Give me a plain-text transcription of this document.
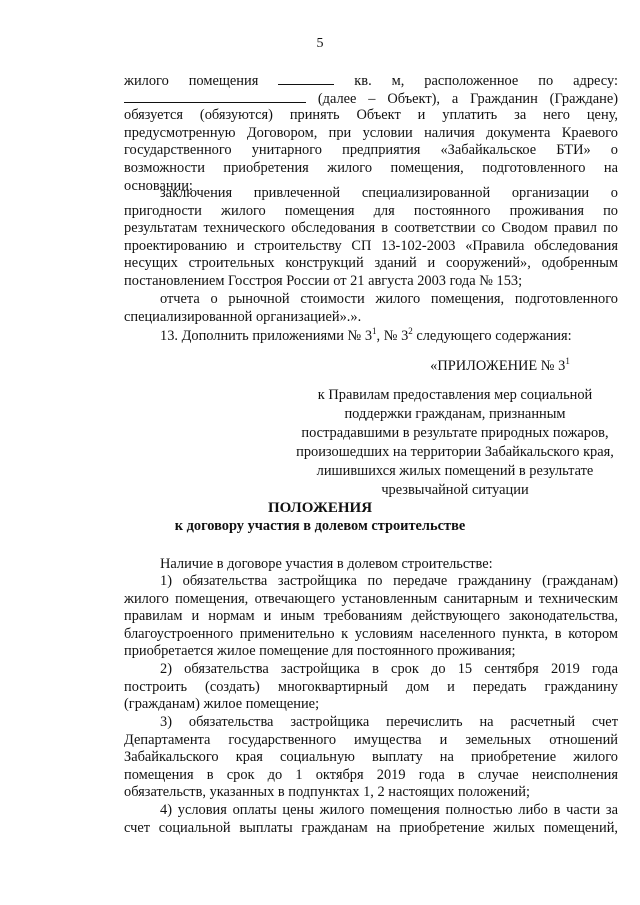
5
жилого помещения	кв. м, расположенное по адресу:
(далее – Объект), а Гражданин (Граждане)
обязуется (обязуются) принять Объект и уплатить за него цену,
предусмотренную Договором, при условии наличия документа Краевого
государственного унитарного предприятия «Забайкальское БТИ» о
возможности приобретения жилого помещения, подготовленного на
основании:
заключения привлеченной специализированной организации о
пригодности жилого помещения для постоянного проживания по
результатам технического обследования в соответствии со Сводом правил по
проектированию и строительству СП 13-102-2003 «Правила обследования
несущих строительных конструкций зданий и сооружений», одобренным
постановлением Госстроя России от 21 августа 2003 года № 153;
отчета о рыночной стоимости жилого помещения, подготовленного
специализированной организацией».».
13. Дополнить приложениями № $3^1$, № $3^2$ следующего содержания:
«ПРИЛОЖЕНИЕ № $3^1$
к Правилам предоставления мер социальной
поддержки гражданам, признанным
пострадавшими в результате природных пожаров,
произошедших на территории Забайкальского края,
лишившихся жилых помещений в результате
чрезвычайной ситуации
ПОЛОЖЕНИЯ
к договору участия в долевом строительстве
Наличие в договоре участия в долевом строительстве:
1) обязательства застройщика по передаче гражданину (гражданам)
жилого помещения, отвечающего установленным санитарным и техническим
правилам и нормам и иным требованиям действующего законодательства,
благоустроенного применительно к условиям населенного пункта, в котором
приобретается жилое помещение для постоянного проживания;
2) обязательства застройщика в срок до 15 сентября 2019 года
построить (создать) многоквартирный дом и передать гражданину
(гражданам) жилое помещение;
3) обязательства застройщика перечислить на расчетный счет
Департамента государственного имущества и земельных отношений
Забайкальского края социальную выплату на приобретение жилого
помещения в срок до 1 октября 2019 года в случае неисполнения
обязательств, указанных в подпунктах 1, 2 настоящих положений;
4) условия оплаты цены жилого помещения полностью либо в части за
счет социальной выплаты гражданам на приобретение жилых помещений,
